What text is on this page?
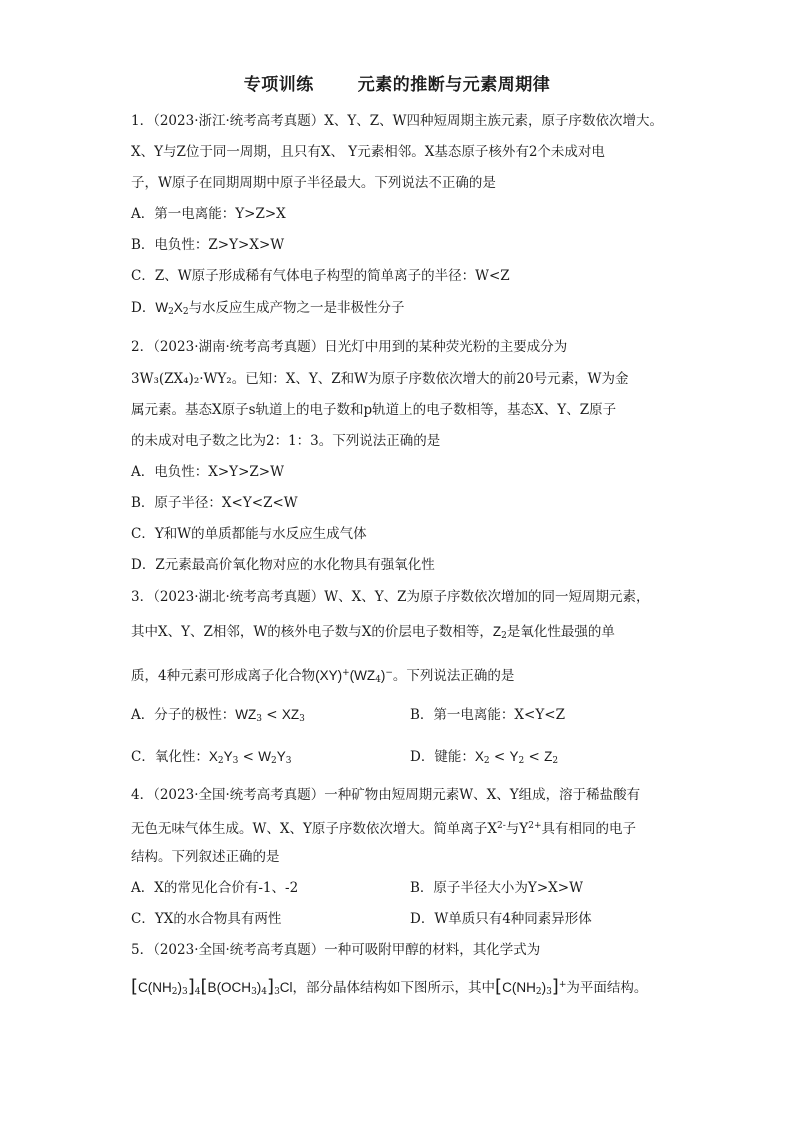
专项训练	元素的推断与元素周期律
1．（2023·浙江·统考高考真题）X、Y、Z、W四种短周期主族元素，原子序数依次增大。
X、Y与Z位于同一周期，且只有X、 Y元素相邻。X基态原子核外有2个未成对电
子，W原子在同期周期中原子半径最大。下列说法不正确的是
A．第一电离能：Y>Z>X
B．电负性：Z>Y>X>W
C．Z、W原子形成稀有气体电子构型的简单离子的半径：W<Z
D．$W_2X_2$与水反应生成产物之一是非极性分子
2．（2023·湖南·统考高考真题）日光灯中用到的某种荧光粉的主要成分为
3W₃(ZX₄)₂·WY₂。已知：X、Y、Z和W为原子序数依次增大的前20号元素，W为金
属元素。基态X原子s轨道上的电子数和p轨道上的电子数相等，基态X、Y、Z原子
的未成对电子数之比为2：1：3。下列说法正确的是
A．电负性：X>Y>Z>W
B．原子半径：X<Y<Z<W
C．Y和W的单质都能与水反应生成气体
D．Z元素最高价氧化物对应的水化物具有强氧化性
3．（2023·湖北·统考高考真题）W、X、Y、Z为原子序数依次增加的同一短周期元素，
其中X、Y、Z相邻，W的核外电子数与X的价层电子数相等，$Z_2$是氧化性最强的单
质，4种元素可形成离子化合物$(XY)^+(WZ_4)^-$。下列说法正确的是
A．分子的极性：$WZ_3 < XZ_3$	B．第一电离能：X<Y<Z
C．氧化性：$X_2Y_3 < W_2Y_3$	D．键能：$X_2 < Y_2 < Z_2$
4．（2023·全国·统考高考真题）一种矿物由短周期元素W、X、Y组成，溶于稀盐酸有
无色无味气体生成。W、X、Y原子序数依次增大。简单离子$X^{2-}$与$Y^{2+}$具有相同的电子
结构。下列叙述正确的是
A．X的常见化合价有-1、-2	B．原子半径大小为Y>X>W
C．YX的水合物具有两性	D．W单质只有4种同素异形体
5．（2023·全国·统考高考真题）一种可吸附甲醇的材料，其化学式为
$[C(NH_2)_3]_4[B(OCH_3)_4]_3Cl$，部分晶体结构如下图所示，其中$[C(NH_2)_3]^+$为平面结构。
